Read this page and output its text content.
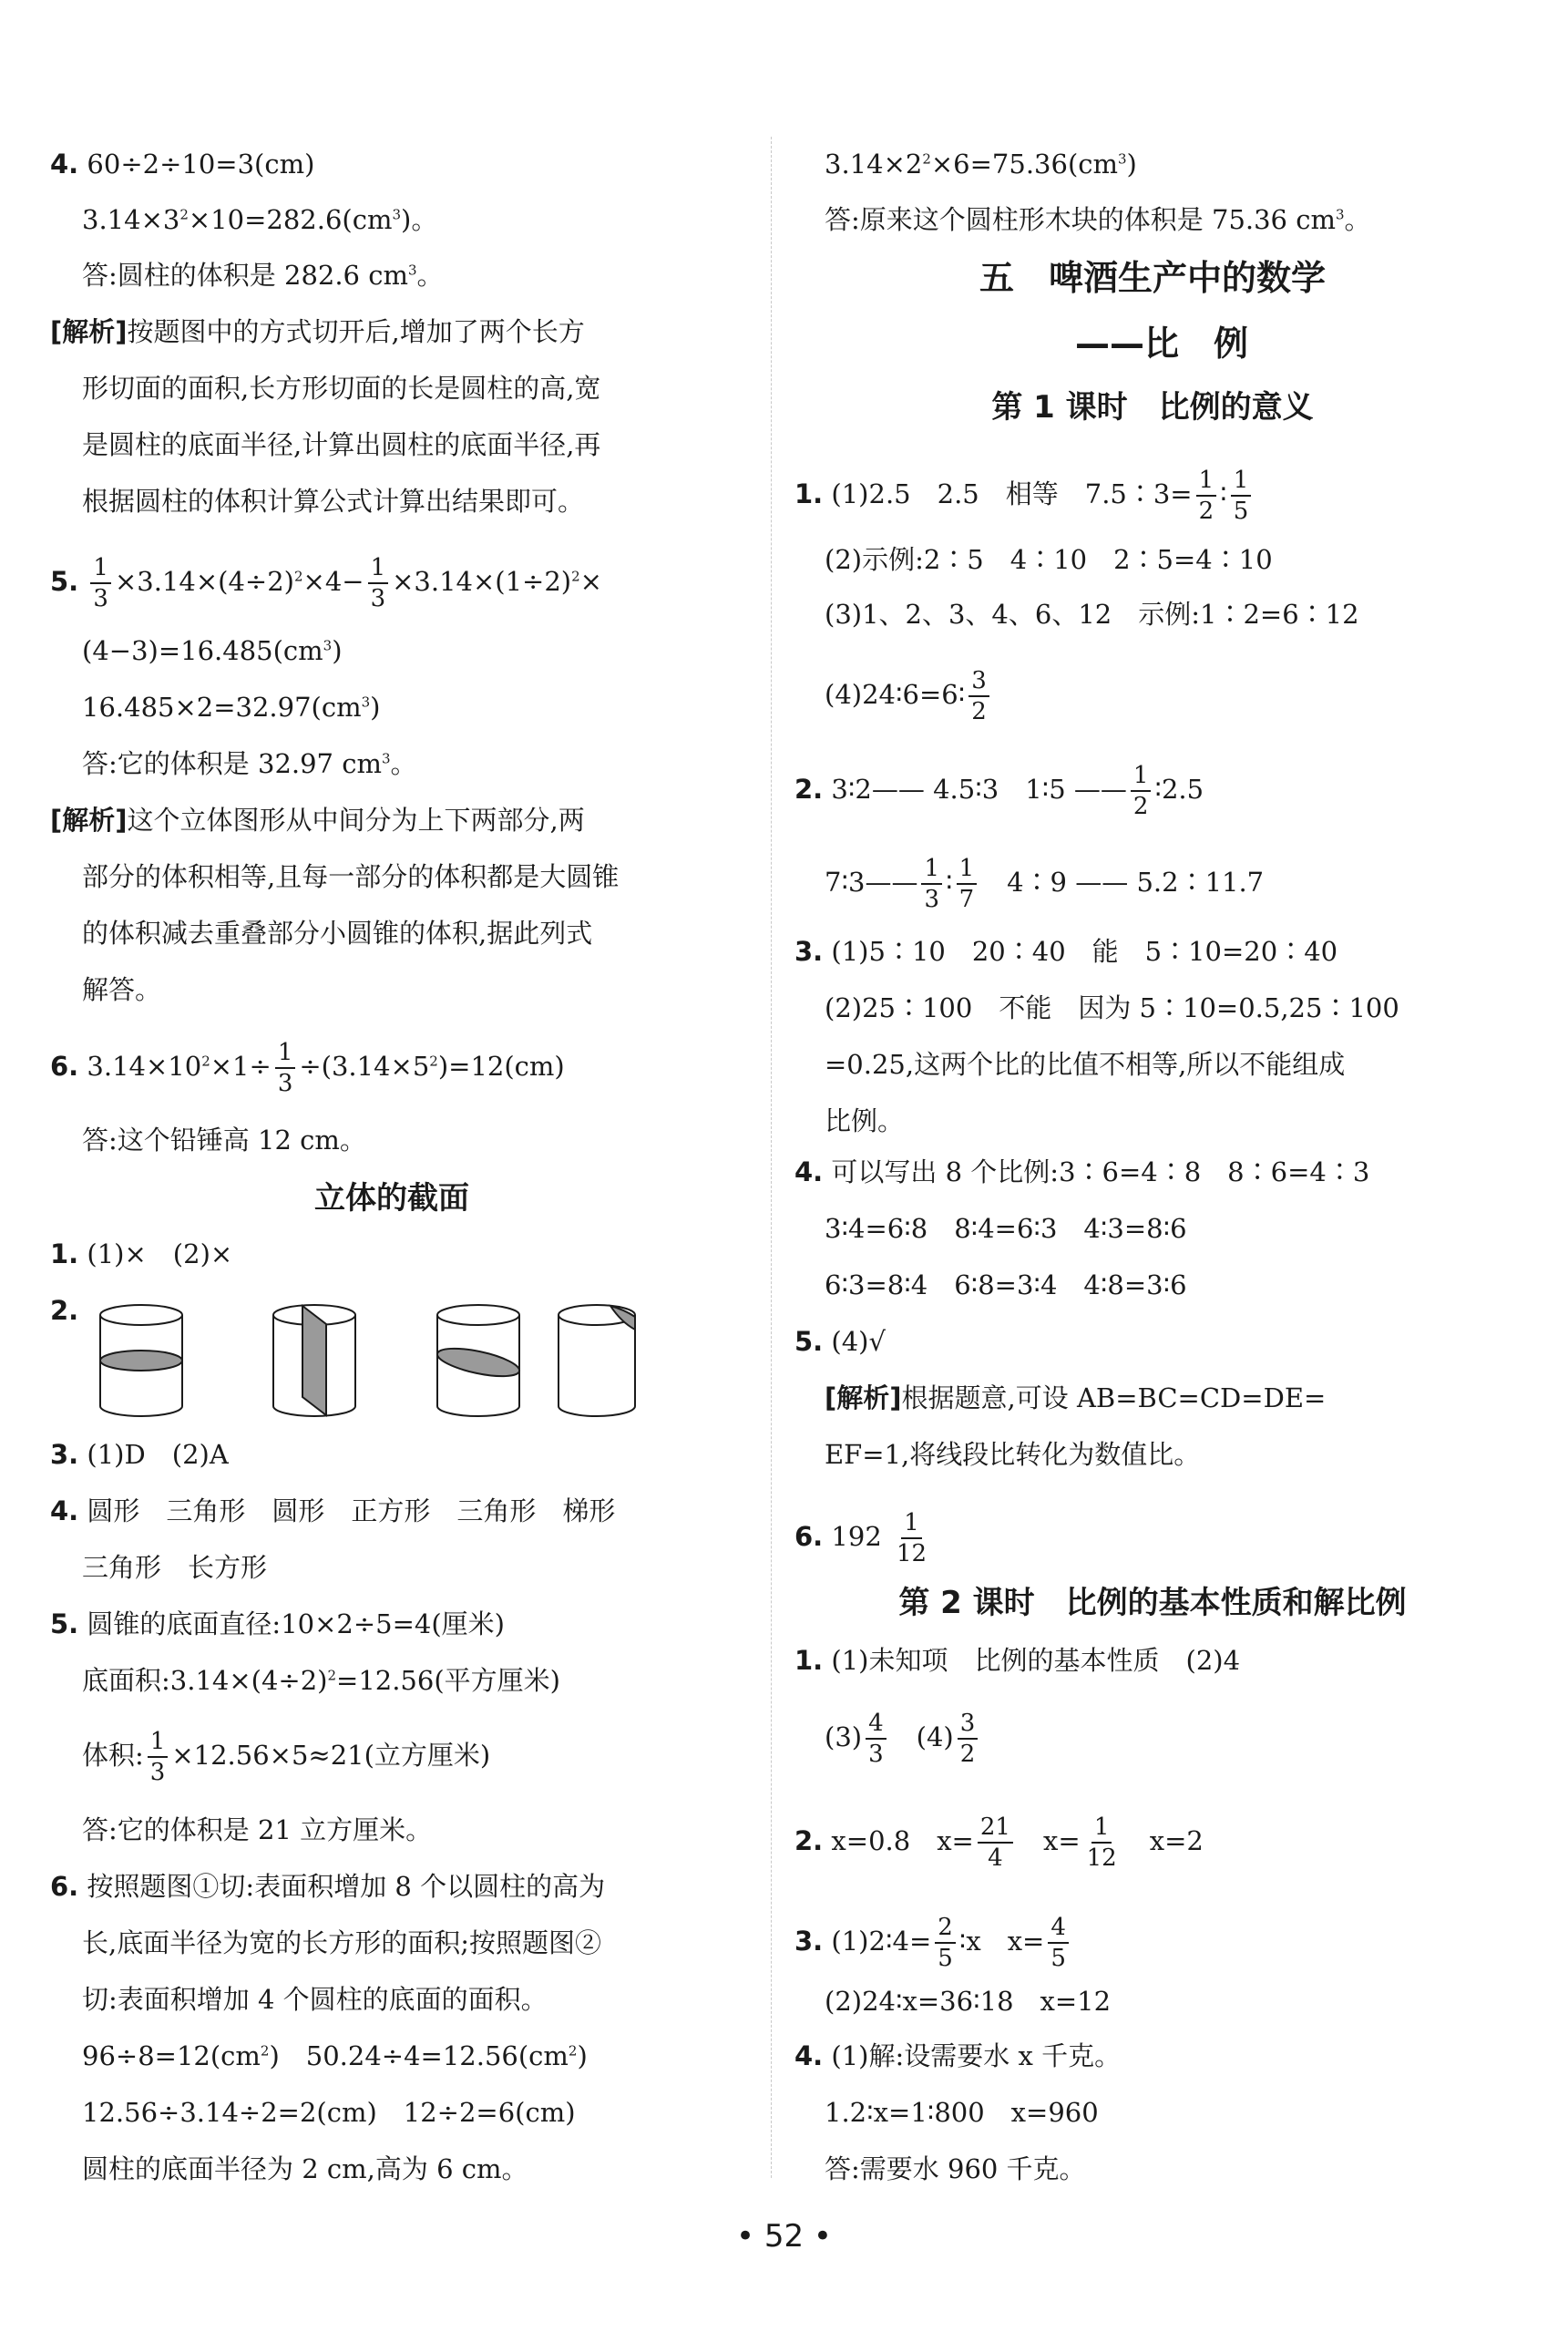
4. 60÷2÷10=3(cm)
$3.14\times 3^2\times 10=282.6(cm^3)$。
答:圆柱的体积是 282.6 $cm^3$。
[解析]按题图中的方式切开后,增加了两个长方
形切面的面积,长方形切面的长是圆柱的高,宽
是圆柱的底面半径,计算出圆柱的底面半径,再
根据圆柱的体积计算公式计算出结果即可。
5. $\frac{1}{3} \times 3.14\times(4\div 2)^2\times 4- \frac{1}{3} \times 3.14\times(1\div 2)^2\times$
$(4-3)=16.485(cm^3)$
$16.485\times 2=32.97(cm^3)$
答:它的体积是 32.97 $cm^3$。
[解析]这个立体图形从中间分为上下两部分,两
部分的体积相等,且每一部分的体积都是大圆锥
的体积减去重叠部分小圆锥的体积,据此列式
解答。
6. $3.14\times 10^2\times 1\div \frac{1}{3} \div(3.14\times 5^2)=12(cm)$
答:这个铅锤高 12 cm。
立体的截面
1. (1)×　(2)×
2.
3. (1)D　(2)A
4. 圆形　三角形　圆形　正方形　三角形　梯形
三角形　长方形
5. 圆锥的底面直径:10×2÷5=4(厘米)
底面积$:3.14\times(4\div 2)^2=12.56$(平方厘米)
体积: $\frac{1}{3} \times 12.56\times 5\approx 21$(立方厘米)
答:它的体积是 21 立方厘米。
6. 按照题图①切:表面积增加 8 个以圆柱的高为
长,底面半径为宽的长方形的面积;按照题图②
切:表面积增加 4 个圆柱的底面的面积。
$96\div 8=12(cm^2)$　$50.24\div 4=12.56(cm^2)$
12.56÷3.14÷2=2(cm)　12÷2=6(cm)
圆柱的底面半径为 2 cm,高为 6 cm。
$3.14\times 2^2\times 6=75.36(cm^3)$
答:原来这个圆柱形木块的体积是 75.36 $cm^3$。
五　啤酒生产中的数学
——比　例
第 1 课时　比例的意义
1. (1)2.5　2.5　相等　7.5∶3= $\frac{1}{2}$ ∶ $\frac{1}{5}$
(2)示例:2∶5　4∶10　2∶5=4∶10
(3)1、2、3、4、6、12　示例:1∶2=6∶12
(4)24∶6=6∶ $\frac{3}{2}$
2. 3∶2—— 4.5∶3　1∶5 —— $\frac{1}{2}$ ∶2.5
7∶3—— $\frac{1}{3}$ ∶ $\frac{1}{7}$ 　4∶9 —— 5.2∶11.7
3. (1)5∶10　20∶40　能　5∶10=20∶40
(2)25∶100　不能　因为 5∶10=0.5,25∶100
=0.25,这两个比的比值不相等,所以不能组成
比例。
4. 可以写出 8 个比例:3∶6=4∶8　8∶6=4∶3
3∶4=6∶8　8∶4=6∶3　4∶3=8∶6
6∶3=8∶4　6∶8=3∶4　4∶8=3∶6
5. (4)√
[解析]根据题意,可设 AB=BC=CD=DE=
EF=1,将线段比转化为数值比。
6. $192 \frac{1}{12}$
第 2 课时　比例的基本性质和解比例
1. (1)未知项　比例的基本性质　(2)4
$(3) \frac{4}{3}$
　 $(4) \frac{3}{2}$
2. x=0.8　$x= \frac{21}{4}$
　 $x= \frac{1}{12}$
　 x=2
3. (1)2∶4= $\frac{2}{5}$ ∶x　$x= \frac{4}{5}$
(2)24∶x=36∶18　x=12
4. (1)解:设需要水 x 千克。
1.2∶x=1∶800　x=960
答:需要水 960 千克。
• 52 •
